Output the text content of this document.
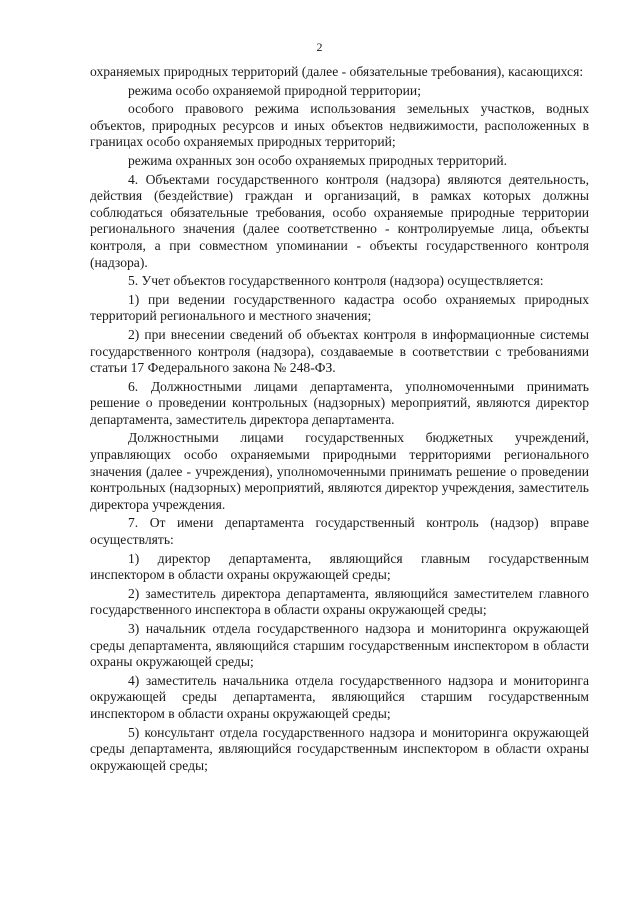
2

охраняемых природных территорий (далее - обязательные требования), касающихся:

режима особо охраняемой природной территории;

особого правового режима использования земельных участков, водных объектов, природных ресурсов и иных объектов недвижимости, расположенных в границах особо охраняемых природных территорий;

режима охранных зон особо охраняемых природных территорий.

4. Объектами государственного контроля (надзора) являются деятельность, действия (бездействие) граждан и организаций, в рамках которых должны соблюдаться обязательные требования, особо охраняемые природные территории регионального значения (далее соответственно - контролируемые лица, объекты контроля, а при совместном упоминании - объекты государственного контроля (надзора).

5. Учет объектов государственного контроля (надзора) осуществляется:

1) при ведении государственного кадастра особо охраняемых природных территорий регионального и местного значения;

2) при внесении сведений об объектах контроля в информационные системы государственного контроля (надзора), создаваемые в соответствии с требованиями статьи 17 Федерального закона № 248-ФЗ.

6. Должностными лицами департамента, уполномоченными принимать решение о проведении контрольных (надзорных) мероприятий, являются директор департамента, заместитель директора департамента.

Должностными лицами государственных бюджетных учреждений, управляющих особо охраняемыми природными территориями регионального значения (далее - учреждения), уполномоченными принимать решение о проведении контрольных (надзорных) мероприятий, являются директор учреждения, заместитель директора учреждения.

7. От имени департамента государственный контроль (надзор) вправе осуществлять:

1) директор департамента, являющийся главным государственным инспектором в области охраны окружающей среды;

2) заместитель директора департамента, являющийся заместителем главного государственного инспектора в области охраны окружающей среды;

3) начальник отдела государственного надзора и мониторинга окружающей среды департамента, являющийся старшим государственным инспектором в области охраны окружающей среды;

4) заместитель начальника отдела государственного надзора и мониторинга окружающей среды департамента, являющийся старшим государственным инспектором в области охраны окружающей среды;

5) консультант отдела государственного надзора и мониторинга окружающей среды департамента, являющийся государственным инспектором в области охраны окружающей среды;
